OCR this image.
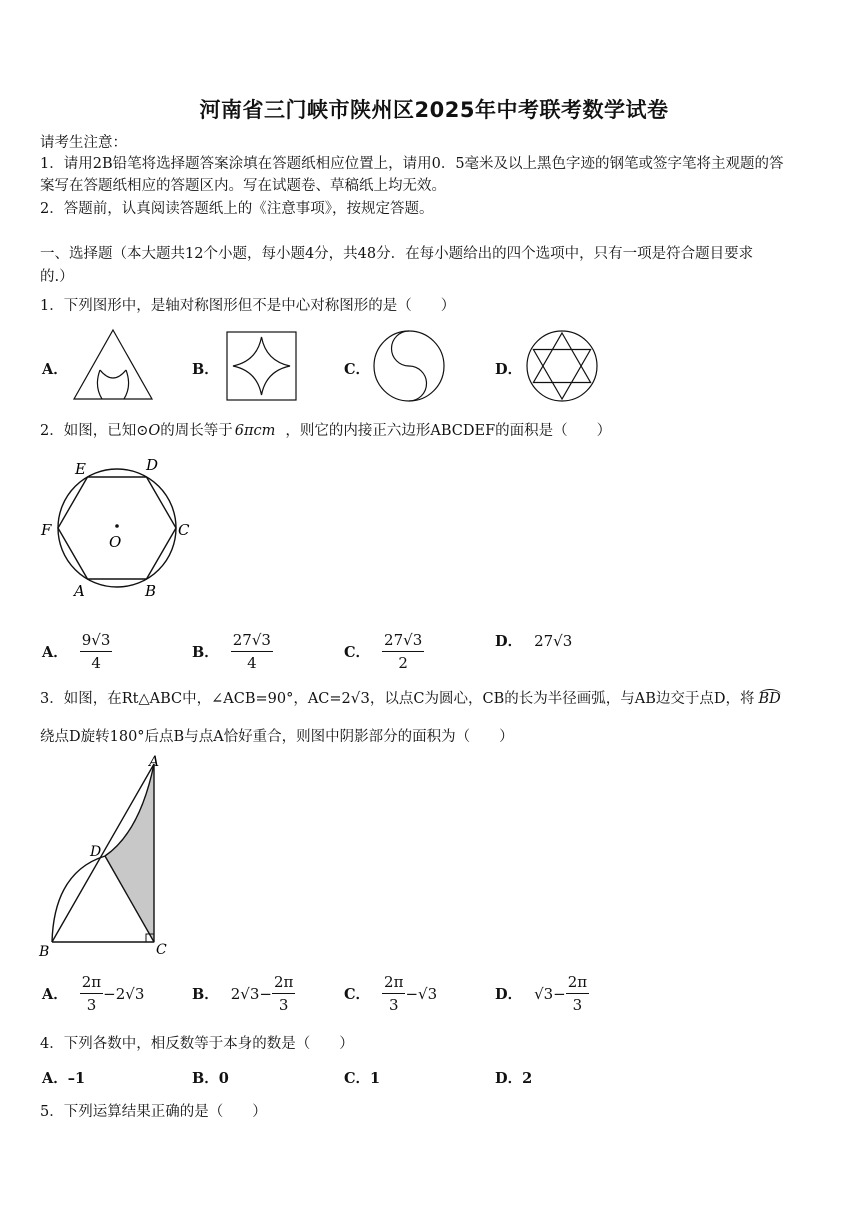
河南省三门峡市陕州区2025年中考联考数学试卷
请考生注意：
1．请用2B铅笔将选择题答案涂填在答题纸相应位置上，请用0．5毫米及以上黑色字迹的钢笔或签字笔将主观题的答
案写在答题纸相应的答题区内。写在试题卷、草稿纸上均无效。
2．答题前，认真阅读答题纸上的《注意事项》，按规定答题。
一、选择题（本大题共12个小题，每小题4分，共48分．在每小题给出的四个选项中，只有一项是符合题目要求
的.）
1．下列图形中，是轴对称图形但不是中心对称图形的是（　　）
A．	B．	C．	D．
2．如图，已知⊙O的周长等于 6πcm ，则它的内接正六边形ABCDEF的面积是（　　）
O
E	D
C
F
A	B
A． $\frac{9√3}{4}$	B． $\frac{27√3}{4}$	C． $\frac{27√3}{2}$	D． 27√3
3．如图，在Rt△ABC中，∠ACB=90°，AC=2√3，以点C为圆心，CB的长为半径画弧，与AB边交于点D，将 BD
绕点D旋转180°后点B与点A恰好重合，则图中阴影部分的面积为（　　）
A
D
B	C
A． $\frac{2\pi}{3} -2√3$	B． $2√3- \frac{2\pi}{3}$	C． $\frac{2\pi}{3} -√3$	D． $√3- \frac{2\pi}{3}$
4．下列各数中，相反数等于本身的数是（　　）
A．–1	B．0	C．1	D．2
5．下列运算结果正确的是（　　）
